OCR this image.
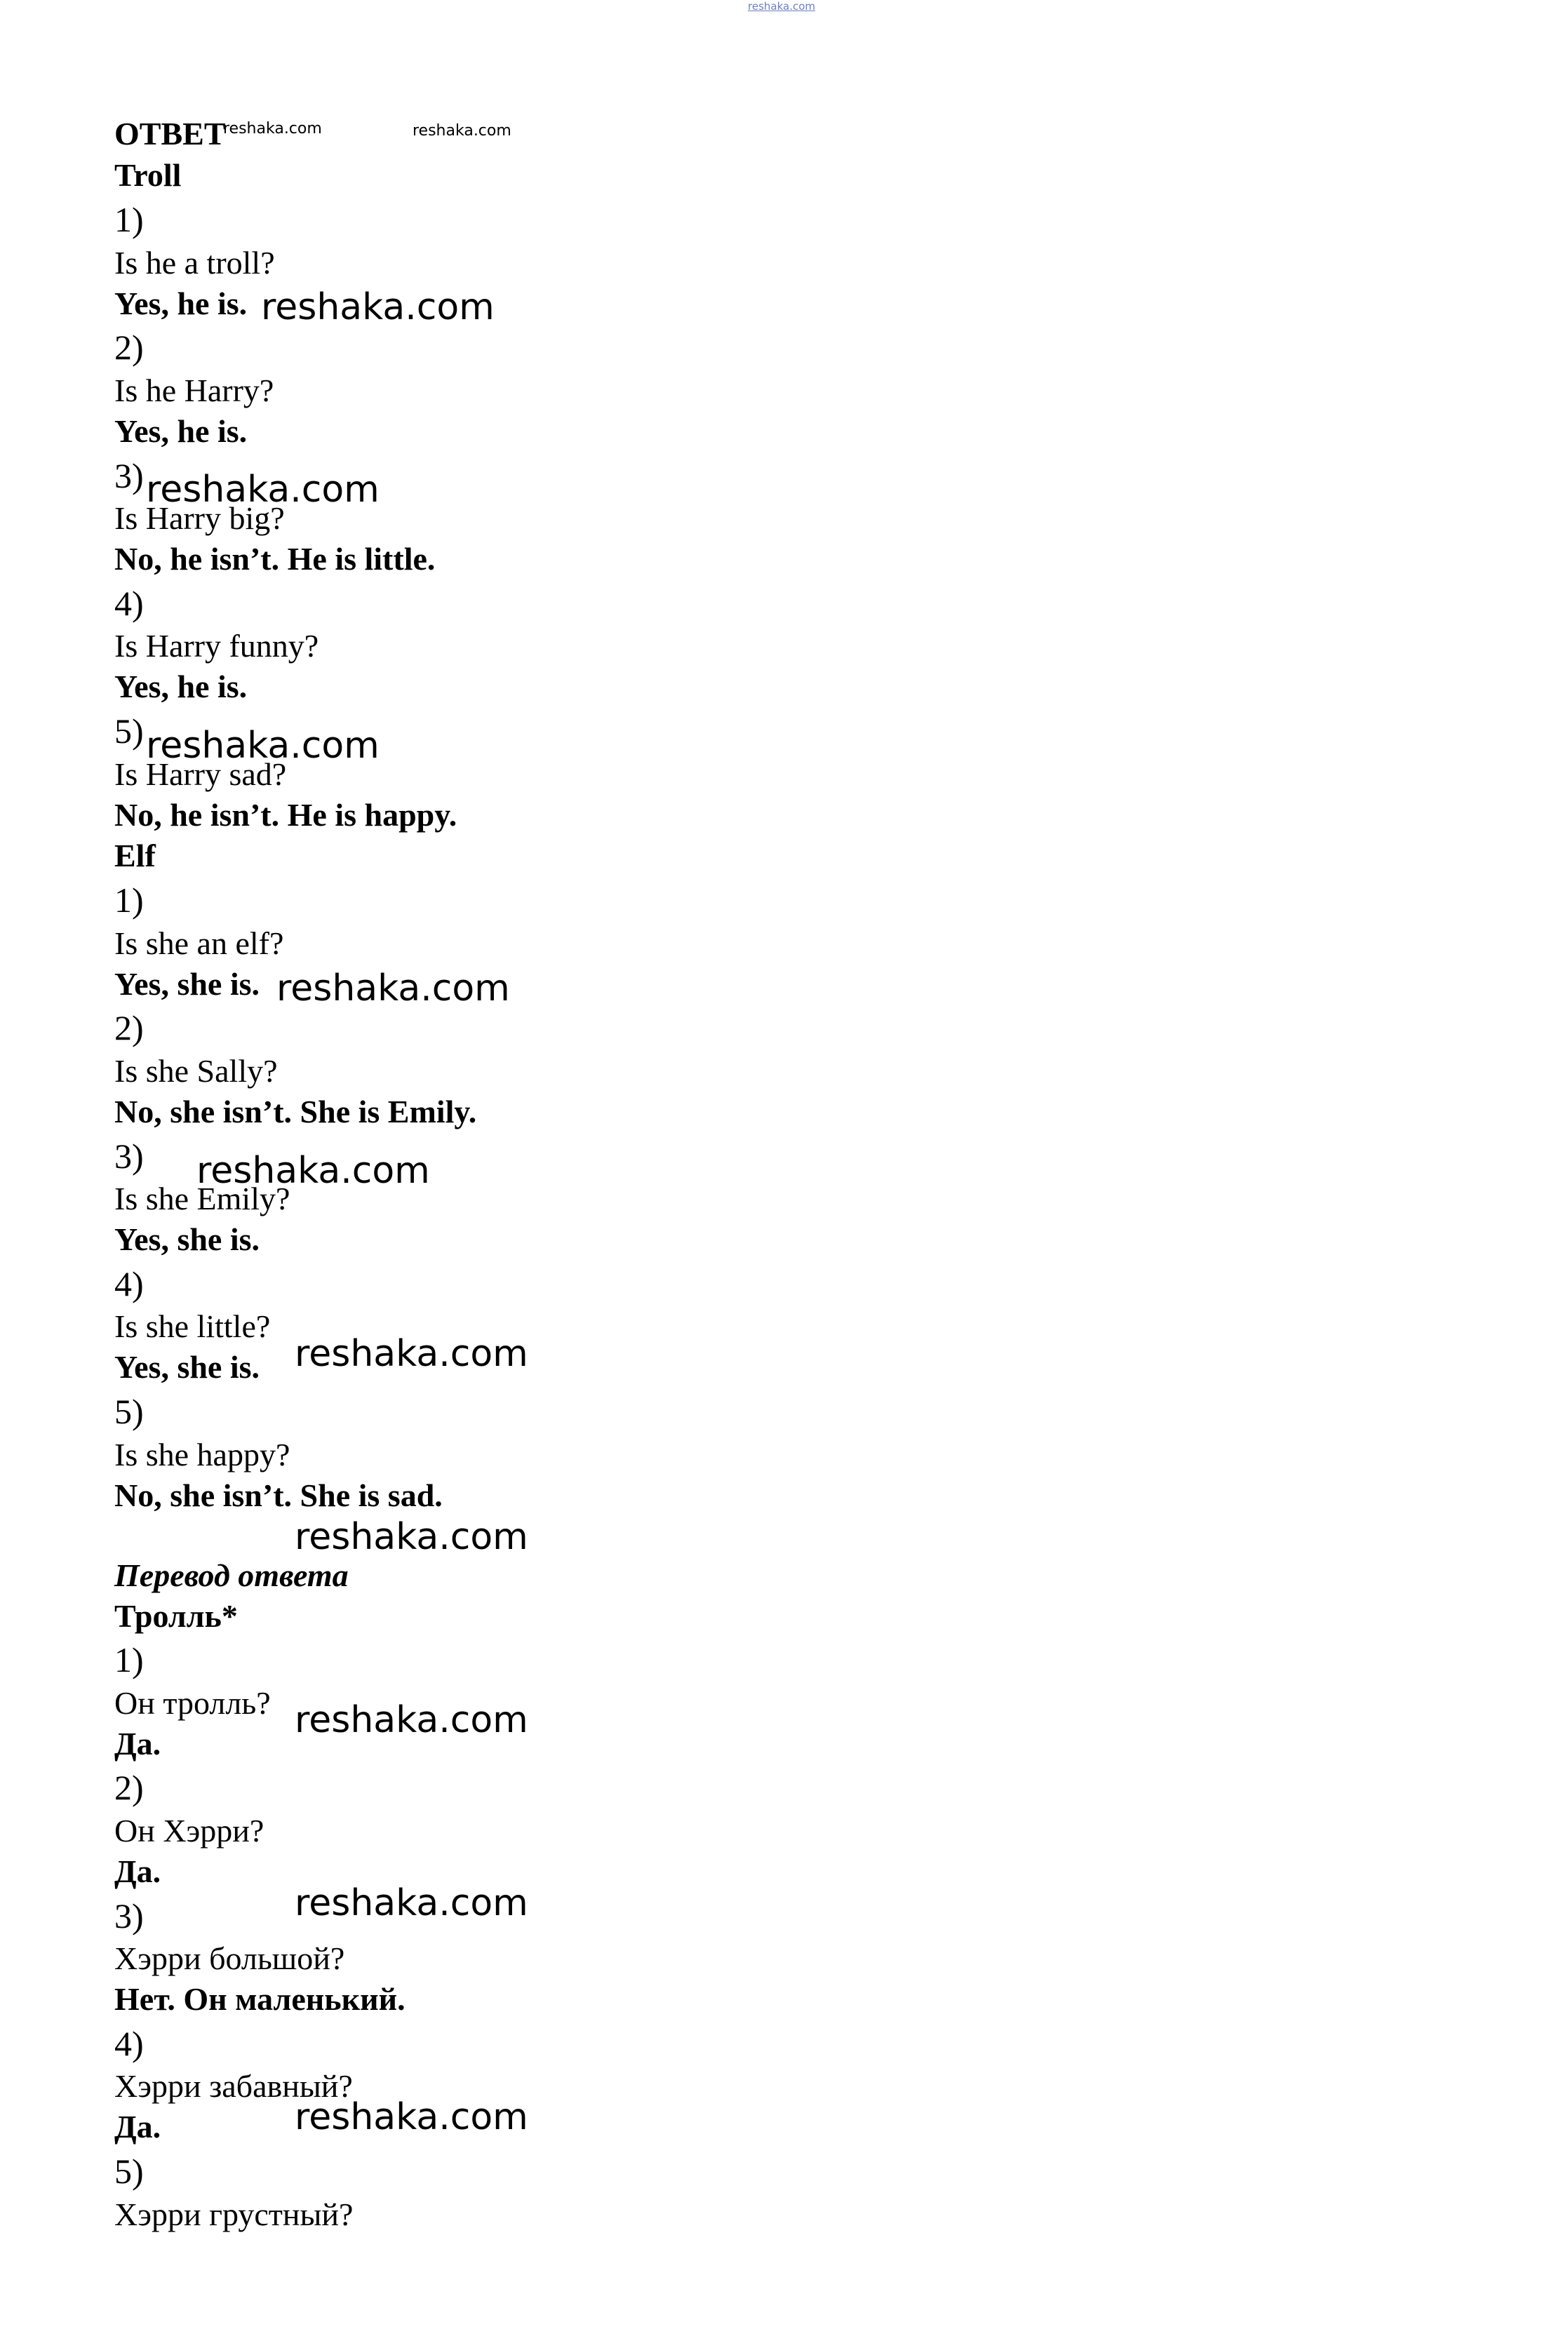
reshaka.com
ОТВЕТ
reshaka.com	reshaka.com
Troll
1)
Is he a troll?
Yes, he is.
2)
Is he Harry?
Yes, he is.
3)
Is Harry big?
No, he isn’t. He is little.
4)
Is Harry funny?
Yes, he is.
5)
Is Harry sad?
No, he isn’t. He is happy.
Elf
1)
Is she an elf?
Yes, she is.
2)
Is she Sally?
No, she isn’t. She is Emily.
3)
Is she Emily?
Yes, she is.
4)
Is she little?
Yes, she is.
5)
Is she happy?
No, she isn’t. She is sad.
Перевод ответа
Тролль*
1)
Он тролль?
Да.
2)
Он Хэрри?
Да.
3)
Хэрри большой?
Нет. Он маленький.
4)
Хэрри забавный?
Да.
5)
Хэрри грустный?
reshaka.com
reshaka.com
reshaka.com
reshaka.com
reshaka.com
reshaka.com
reshaka.com
reshaka.com
reshaka.com
reshaka.com
